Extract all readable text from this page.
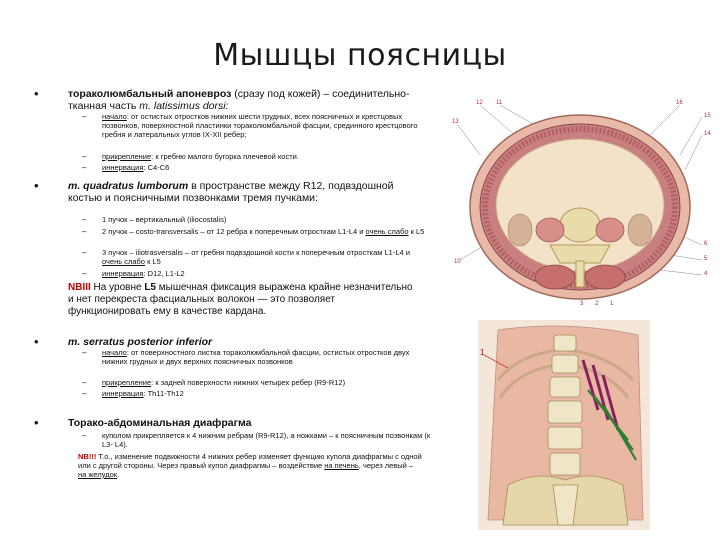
Мышцы поясницы
•	тораколюмбальный апоневроз (сразу под кожей) – соединительно-тканная часть m. latissimus dorsi:
– начало: от остистых отростков нижних шести грудных, всех поясничных и крестцовых позвонков, поверхностной пластинки тораколюмбальной фасции, срединного крестцового гребня и латеральных углов IX-XII ребер;
– прикрепление: к гребню малого бугорка плечевой кости.
– иннервация: С4-С6
•	m. quadratus lumborum в пространстве между R12, подвздошной костью и поясничными позвонками тремя пучками:
– 1 пучок – вертикальный (iliocostalis)
– 2 пучок – costo-transversalis – от 12 ребра к поперечным отросткам L1-L4 и очень слабо к L5
– 3 пучок – iliotrasversalis – от гребня подвздошной кости к поперечным отросткам L1-L4 и очень слабо к L5
– иннервация: D12, L1-L2
NBIII На уровне L5 мышечная фиксация выражена крайне незначительно и нет перекреста фасциальных волокон — это позволяет функционировать ему в качестве кардана.
•	m. serratus posterior inferior
– начало: от поверхностного листка тораколюмбальной фасции, остистых отростков двух нижних грудных и двух верхних поясничных позвонков
– прикрепление: к задней поверхности нижних четырех ребер (R9-R12)
– иннервация: Th11-Th12
•	Торако-абдоминальная диафрагма
– куполом прикрепляется к 4 нижним ребрам (R9-R12), а ножками – к поясничным позвонкам (к L3- L4).
NB!!! Т.о., изменение подвижности 4 нижних ребер изменяет функцию купола диафрагмы с одной или с другой стороны. Через правый купол диафрагмы – воздействие на печень, через левый – на желудок.
12 11
13
16
15
14
10
6
5
4
3 2 1
1
